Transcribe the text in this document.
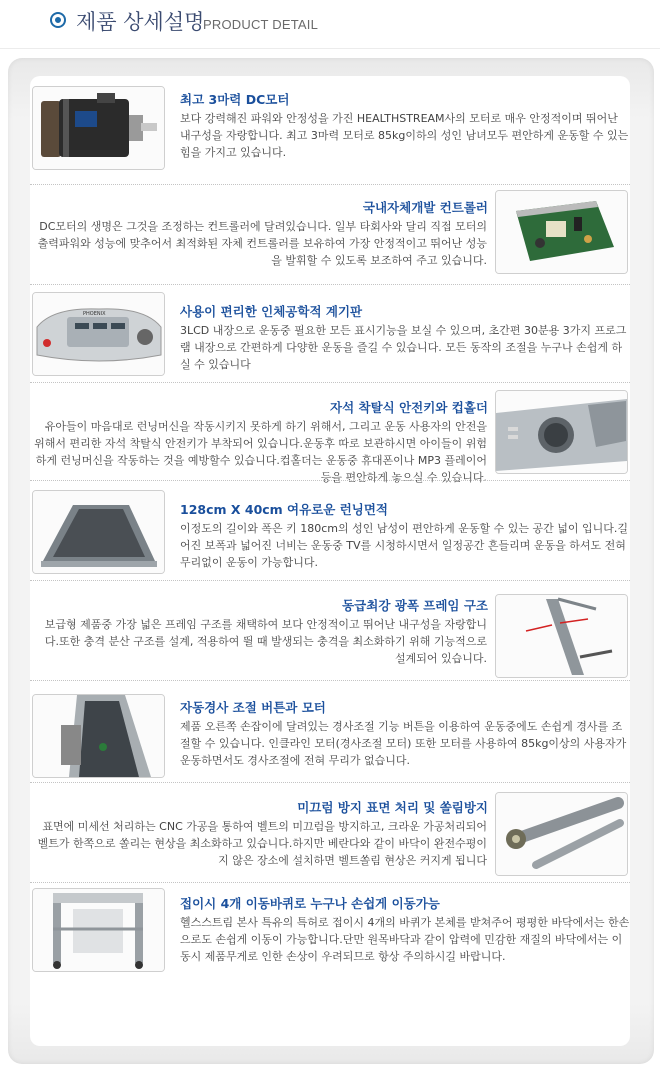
제품 상세설명
PRODUCT DETAIL
최고 3마력 DC모터
보다 강력해진 파워와 안정성을 가진 HEALTHSTREAM사의 모터로 매우 안정적이며 뛰어난 내구성을 자랑합니다. 최고 3마력 모터로 85kg이하의 성인 남녀모두 편안하게 운동할 수 있는 힘을 가지고 있습니다.
국내자체개발 컨트롤러
DC모터의 생명은 그것을 조정하는 컨트롤러에 달려있습니다. 일부 타회사와 달리 직접 모터의 출력파워와 성능에 맞추어서 최적화된 자체 컨트롤러를 보유하여 가장 안정적이고 뛰어난 성능을 발휘할 수 있도록 보조하여 주고 있습니다.
PHOENIX	사용이 편리한 인체공학적 계기판
3LCD 내장으로 운동중 필요한 모든 표시기능을 보실 수 있으며, 초간편 30분용 3가지 프로그램 내장으로 간편하게 다양한 운동을 즐길 수 있습니다. 모든 동작의 조절을 누구나 손쉽게 하실 수 있습니다
자석 착탈식 안전키와 컵홀더
유아들이 마음대로 런닝머신을 작동시키지 못하게 하기 위해서, 그리고 운동 사용자의 안전을 위해서 편리한 자석 착탈식 안전키가 부착되어 있습니다.운동후 따로 보관하시면 아이들이 위험하게 런닝머신을 작동하는 것을 예방할수 있습니다.컵홀더는 운동중 휴대폰이나 MP3 플레이어등을 편안하게 놓으실 수 있습니다.
128cm X 40cm 여유로운 런닝면적
이정도의 길이와 폭은 키 180cm의 성인 남성이 편안하게 운동할 수 있는 공간 넓이 입니다.길어진 보폭과 넓어진 너비는 운동중 TV를 시청하시면서 일정공간 흔들리며 운동을 하셔도 전혀 무리없이 운동이 가능합니다.
동급최강 광폭 프레임 구조
보급형 제품중 가장 넓은 프레임 구조를 채택하여 보다 안정적이고 뛰어난 내구성을 자랑합니다.또한 충격 분산 구조를 설계, 적용하여 뛸 때 발생되는 충격을 최소화하기 위해 기능적으로 설계되어 있습니다.
자동경사 조절 버튼과 모터
제품 오른쪽 손잡이에 달려있는 경사조절 기능 버튼을 이용하여 운동중에도 손쉽게 경사를 조절할 수 있습니다. 인클라인 모터(경사조절 모터) 또한 모터를 사용하여 85kg이상의 사용자가 운동하면서도 경사조절에 전혀 무리가 없습니다.
미끄럼 방지 표면 처리 및 쏠림방지
표면에 미세선 처리하는 CNC 가공을 통하여 벨트의 미끄럼을 방지하고, 크라운 가공처리되어 벨트가 한쪽으로 쏠리는 현상을 최소화하고 있습니다.하지만 베란다와 같이 바닥이 완전수평이지 않은 장소에 설치하면 벨트쏠림 현상은 커지게 됩니다
접이시 4개 이동바퀴로 누구나 손쉽게 이동가능
헬스스트림 본사 특유의 특허로 접이시 4개의 바퀴가 본체를 받쳐주어 평평한 바닥에서는 한손으로도 손쉽게 이동이 가능합니다.단만 원목바닥과 같이 압력에 민감한 재질의 바닥에서는 이동시 제품무게로 인한 손상이 우려되므로 항상 주의하시길 바랍니다.
